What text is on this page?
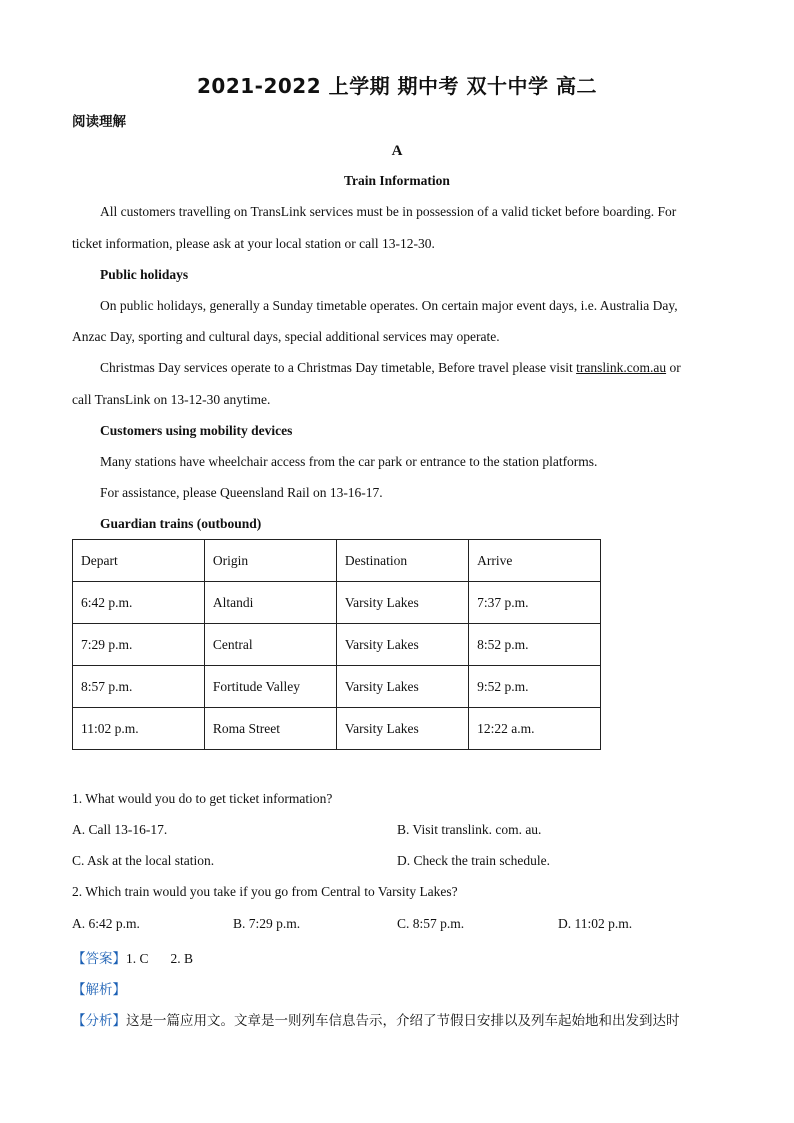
2021-2022 上学期 期中考 双十中学 高二
阅读理解
A
Train Information
All customers travelling on TransLink services must be in possession of a valid ticket before boarding. For
ticket information, please ask at your local station or call 13-12-30.
Public holidays
On public holidays, generally a Sunday timetable operates. On certain major event days, i.e. Australia Day,
Anzac Day, sporting and cultural days, special additional services may operate.
Christmas Day services operate to a Christmas Day timetable, Before travel please visit translink.com.au or
call TransLink on 13-12-30 anytime.
Customers using mobility devices
Many stations have wheelchair access from the car park or entrance to the station platforms.
For assistance, please Queensland Rail on 13-16-17.
Guardian trains (outbound)
Depart	Origin	Destination	Arrive
6:42 p.m.	Altandi	Varsity Lakes	7:37 p.m.
7:29 p.m.	Central	Varsity Lakes	8:52 p.m.
8:57 p.m.	Fortitude Valley	Varsity Lakes	9:52 p.m.
11:02 p.m.	Roma Street	Varsity Lakes	12:22 a.m.
1. What would you do to get ticket information?
A. Call 13-16-17.	B. Visit translink. com. au.
C. Ask at the local station.	D. Check the train schedule.
2. Which train would you take if you go from Central to Varsity Lakes?
A. 6:42 p.m.	B. 7:29 p.m.	C. 8:57 p.m.	D. 11:02 p.m.
【答案】1. C 2. B
【解析】
【分析】这是一篇应用文。文章是一则列车信息告示，介绍了节假日安排以及列车起始地和出发到达时
